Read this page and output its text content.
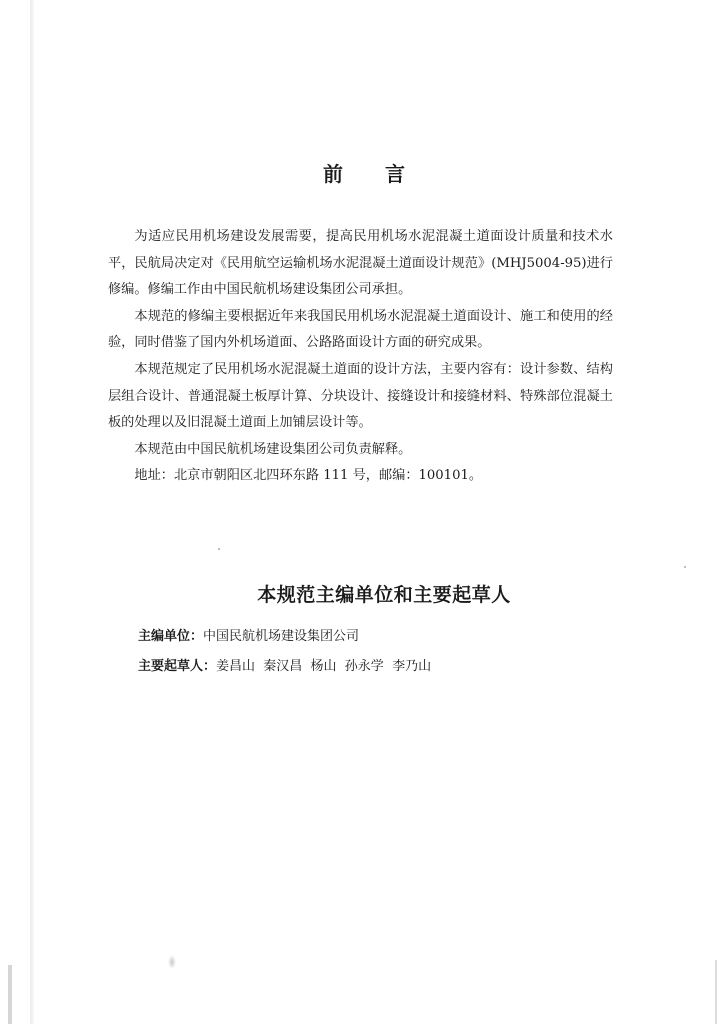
前 言

为适应民用机场建设发展需要，提高民用机场水泥混凝土道面设计质量和技术水平，民航局决定对《民用航空运输机场水泥混凝土道面设计规范》(MHJ5004-95)进行修编。修编工作由中国民航机场建设集团公司承担。

本规范的修编主要根据近年来我国民用机场水泥混凝土道面设计、施工和使用的经验，同时借鉴了国内外机场道面、公路路面设计方面的研究成果。

本规范规定了民用机场水泥混凝土道面的设计方法，主要内容有：设计参数、结构层组合设计、普通混凝土板厚计算、分块设计、接缝设计和接缝材料、特殊部位混凝土板的处理以及旧混凝土道面上加铺层设计等。

本规范由中国民航机场建设集团公司负责解释。

地址：北京市朝阳区北四环东路 111 号，邮编：100101。

本规范主编单位和主要起草人
主编单位：中国民航机场建设集团公司
主要起草人：姜昌山  秦汉昌  杨山  孙永学  李乃山
